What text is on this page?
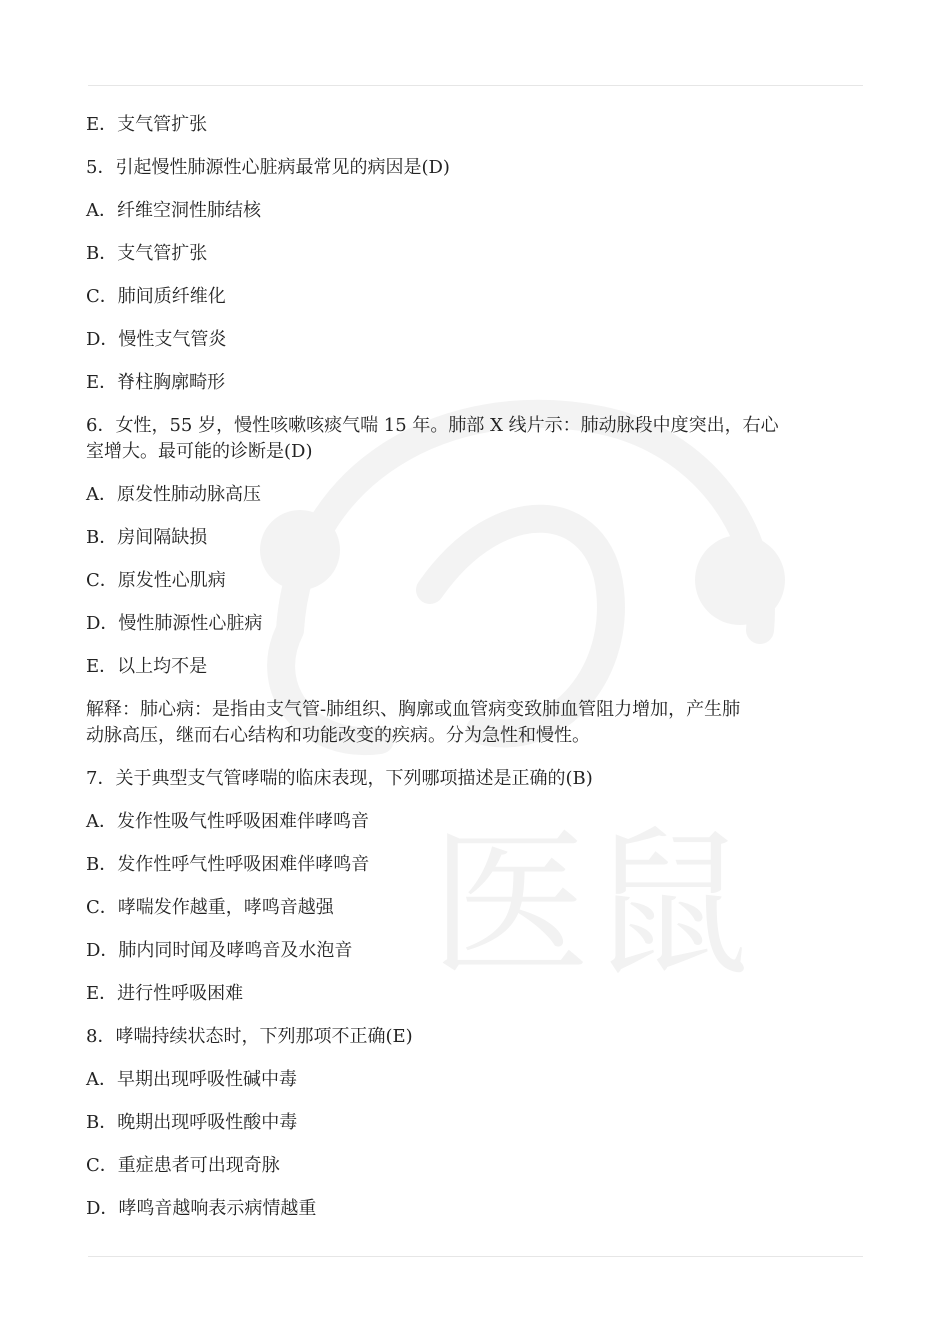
医鼠

E．支气管扩张

5．引起慢性肺源性心脏病最常见的病因是(D)

A．纤维空洞性肺结核

B．支气管扩张

C．肺间质纤维化

D．慢性支气管炎

E．脊柱胸廓畸形

6．女性，55 岁，慢性咳嗽咳痰气喘 15 年。肺部 X 线片示：肺动脉段中度突出，右心

室增大。最可能的诊断是(D)

A．原发性肺动脉高压

B．房间隔缺损

C．原发性心肌病

D．慢性肺源性心脏病

E．以上均不是

解释：肺心病：是指由支气管-肺组织、胸廓或血管病变致肺血管阻力增加，产生肺

动脉高压，继而右心结构和功能改变的疾病。分为急性和慢性。

7．关于典型支气管哮喘的临床表现，下列哪项描述是正确的(B)

A．发作性吸气性呼吸困难伴哮鸣音

B．发作性呼气性呼吸困难伴哮鸣音

C．哮喘发作越重，哮鸣音越强

D．肺内同时闻及哮鸣音及水泡音

E．进行性呼吸困难

8．哮喘持续状态时，下列那项不正确(E)

A．早期出现呼吸性碱中毒

B．晚期出现呼吸性酸中毒

C．重症患者可出现奇脉

D．哮鸣音越响表示病情越重
